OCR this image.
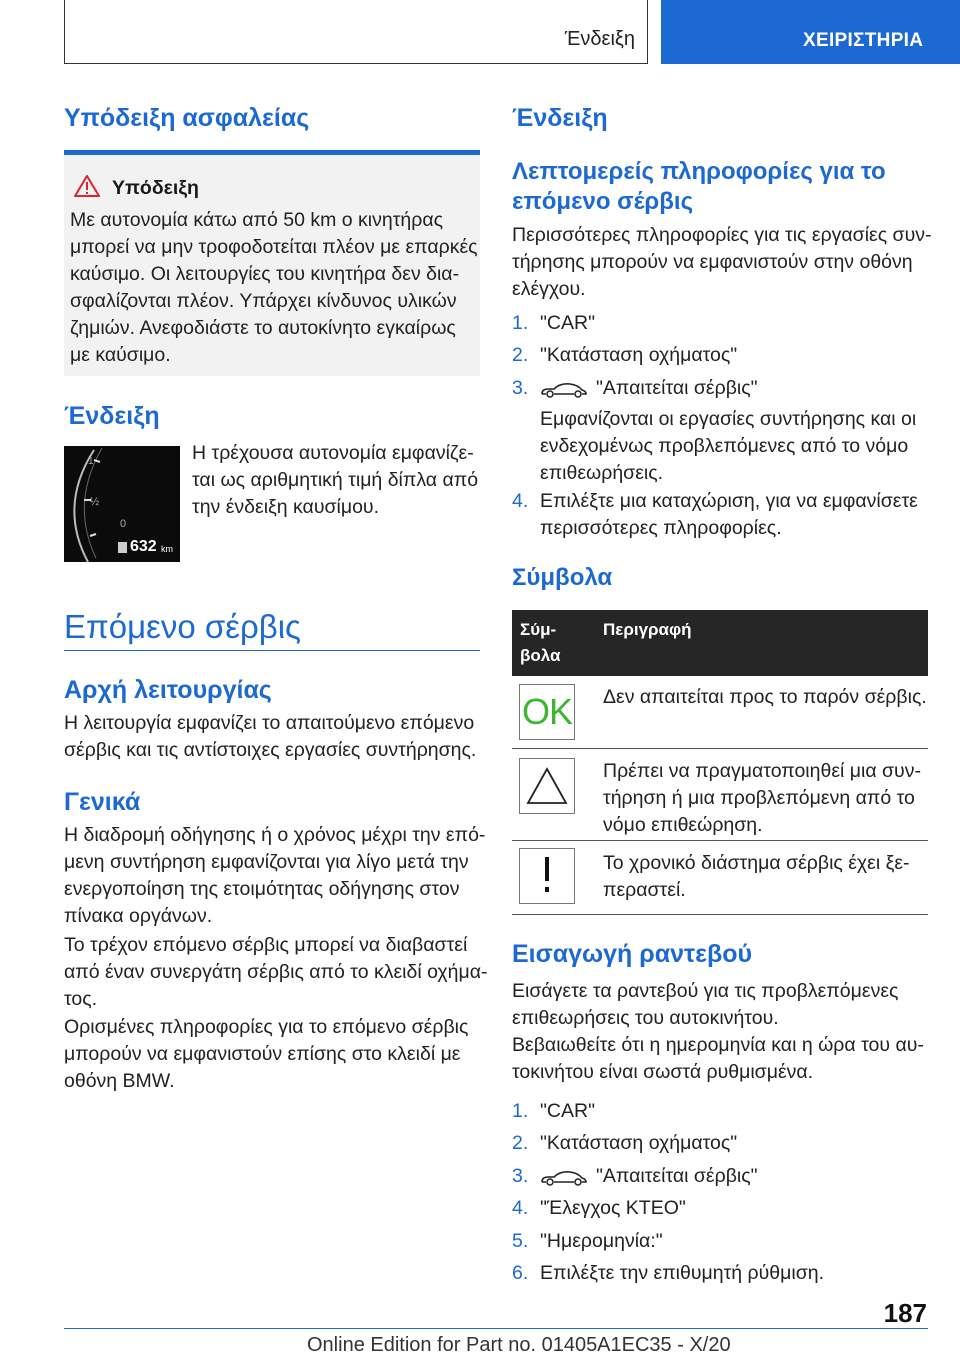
Ένδειξη	ΧΕΙΡΙΣΤΗΡΙΑ
Υπόδειξη ασφαλείας
Υπόδειξη
Με αυτονομία κάτω από 50 km ο κινητήρας
μπορεί να μην τροφοδοτείται πλέον με επαρκές
καύσιμο. Οι λειτουργίες του κινητήρα δεν δια-
σφαλίζονται πλέον. Υπάρχει κίνδυνος υλικών
ζημιών. Ανεφοδιάστε το αυτοκίνητο εγκαίρως
με καύσιμο.
Ένδειξη
1
½
0
632 km
Η τρέχουσα αυτονομία εμφανίζε-
ται ως αριθμητική τιμή δίπλα από
την ένδειξη καυσίμου.
Επόμενο σέρβις
Αρχή λειτουργίας
Η λειτουργία εμφανίζει το απαιτούμενο επόμενο
σέρβις και τις αντίστοιχες εργασίες συντήρησης.
Γενικά
Η διαδρομή οδήγησης ή ο χρόνος μέχρι την επό-
μενη συντήρηση εμφανίζονται για λίγο μετά την
ενεργοποίηση της ετοιμότητας οδήγησης στον
πίνακα οργάνων.
Το τρέχον επόμενο σέρβις μπορεί να διαβαστεί
από έναν συνεργάτη σέρβις από το κλειδί οχήμα-
τος.
Ορισμένες πληροφορίες για το επόμενο σέρβις
μπορούν να εμφανιστούν επίσης στο κλειδί με
οθόνη BMW.
Ένδειξη
Λεπτομερείς πληροφορίες για το
επόμενο σέρβις
Περισσότερες πληροφορίες για τις εργασίες συν-
τήρησης μπορούν να εμφανιστούν στην οθόνη
ελέγχου.
1. "CAR"
2. "Κατάσταση οχήματος"
3.	"Απαιτείται σέρβις"
Εμφανίζονται οι εργασίες συντήρησης και οι
ενδεχομένως προβλεπόμενες από το νόμο
επιθεωρήσεις.
4. Επιλέξτε μια καταχώριση, για να εμφανίσετε
περισσότερες πληροφορίες.
Σύμβολα
Σύμ-
βολα
Περιγραφή
OK Δεν απαιτείται προς το παρόν σέρβις.
Πρέπει να πραγματοποιηθεί μια συν-
τήρηση ή μια προβλεπόμενη από το
νόμο επιθεώρηση.
Το χρονικό διάστημα σέρβις έχει ξε-
περαστεί.
Εισαγωγή ραντεβού
Εισάγετε τα ραντεβού για τις προβλεπόμενες
επιθεωρήσεις του αυτοκινήτου.
Βεβαιωθείτε ότι η ημερομηνία και η ώρα του αυ-
τοκινήτου είναι σωστά ρυθμισμένα.
1. "CAR"
2. "Κατάσταση οχήματος"
3.	"Απαιτείται σέρβις"
4. "Έλεγχος ΚΤΕΟ"
5. "Ημερομηνία:"
6. Επιλέξτε την επιθυμητή ρύθμιση.
187
Online Edition for Part no. 01405A1EC35 - X/20
